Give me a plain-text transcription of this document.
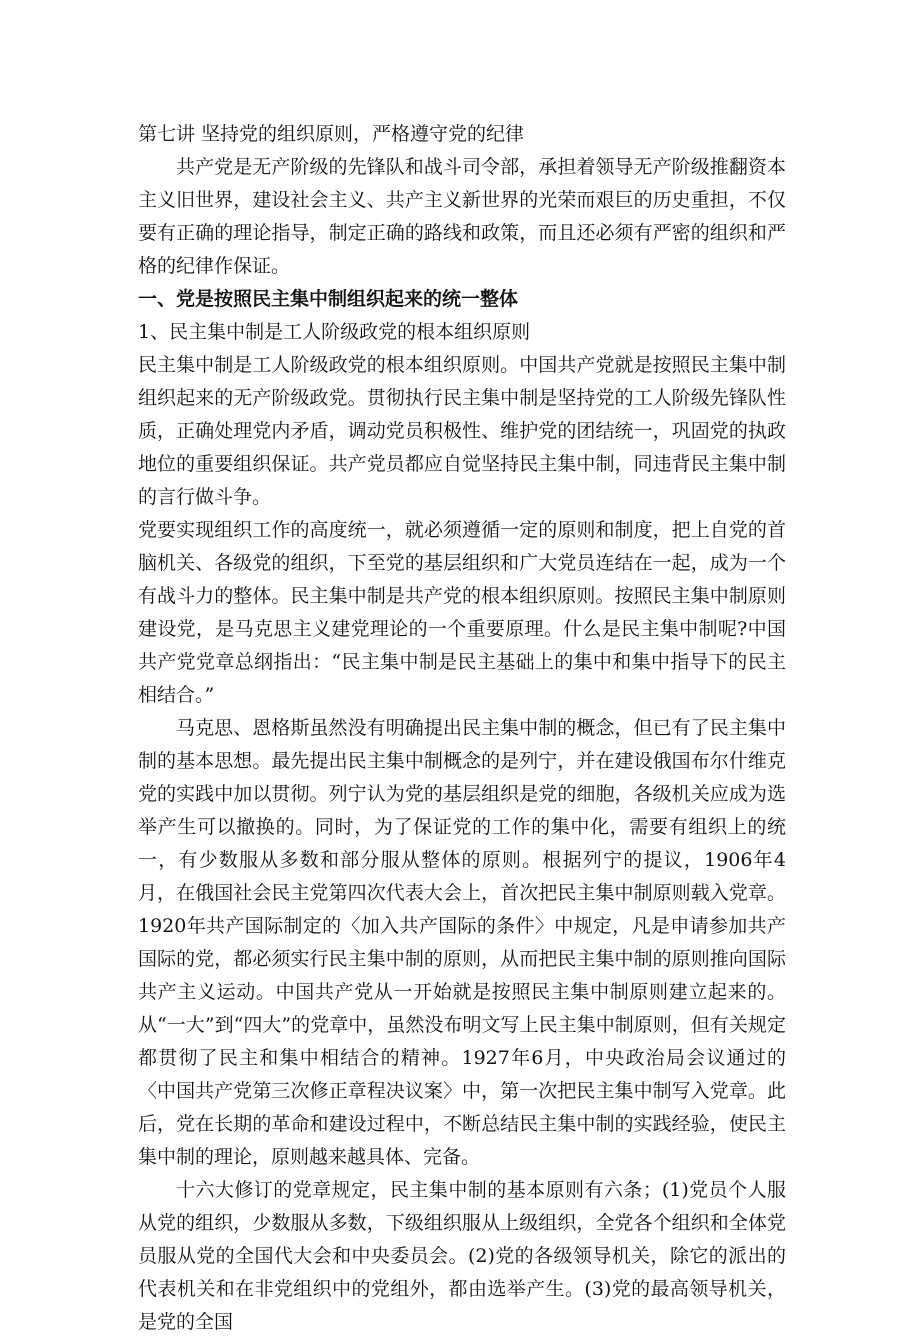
第七讲 坚持党的组织原则，严格遵守党的纪律

共产党是无产阶级的先锋队和战斗司令部，承担着领导无产阶级推翻资本主义旧世界，建设社会主义、共产主义新世界的光荣而艰巨的历史重担，不仅要有正确的理论指导，制定正确的路线和政策，而且还必须有严密的组织和严格的纪律作保证。

一、党是按照民主集中制组织起来的统一整体

1、民主集中制是工人阶级政党的根本组织原则

民主集中制是工人阶级政党的根本组织原则。中国共产党就是按照民主集中制组织起来的无产阶级政党。贯彻执行民主集中制是坚持党的工人阶级先锋队性质，正确处理党内矛盾，调动党员积极性、维护党的团结统一，巩固党的执政地位的重要组织保证。共产党员都应自觉坚持民主集中制，同违背民主集中制的言行做斗争。

党要实现组织工作的高度统一，就必须遵循一定的原则和制度，把上自党的首脑机关、各级党的组织，下至党的基层组织和广大党员连结在一起，成为一个有战斗力的整体。民主集中制是共产党的根本组织原则。按照民主集中制原则建设党，是马克思主义建党理论的一个重要原理。什么是民主集中制呢?中国共产党党章总纲指出：“民主集中制是民主基础上的集中和集中指导下的民主相结合。”

马克思、恩格斯虽然没有明确提出民主集中制的概念，但已有了民主集中制的基本思想。最先提出民主集中制概念的是列宁，并在建设俄国布尔什维克党的实践中加以贯彻。列宁认为党的基层组织是党的细胞，各级机关应成为选举产生可以撤换的。同时，为了保证党的工作的集中化，需要有组织上的统一，有少数服从多数和部分服从整体的原则。根据列宁的提议，1906年4月，在俄国社会民主党第四次代表大会上，首次把民主集中制原则载入党章。1920年共产国际制定的〈加入共产国际的条件〉中规定，凡是申请参加共产国际的党，都必须实行民主集中制的原则，从而把民主集中制的原则推向国际共产主义运动。中国共产党从一开始就是按照民主集中制原则建立起来的。从“一大”到“四大”的党章中，虽然没布明文写上民主集中制原则，但有关规定都贯彻了民主和集中相结合的精神。1927年6月，中央政治局会议通过的〈中国共产党第三次修正章程决议案〉中，第一次把民主集中制写入党章。此后，党在长期的革命和建设过程中，不断总结民主集中制的实践经验，使民主集中制的理论，原则越来越具体、完备。

十六大修订的党章规定，民主集中制的基本原则有六条；(1)党员个人服从党的组织，少数服从多数，下级组织服从上级组织，全党各个组织和全体党员服从党的全国代大会和中央委员会。(2)党的各级领导机关，除它的派出的代表机关和在非党组织中的党组外，都由选举产生。(3)党的最高领导机关，是党的全国
